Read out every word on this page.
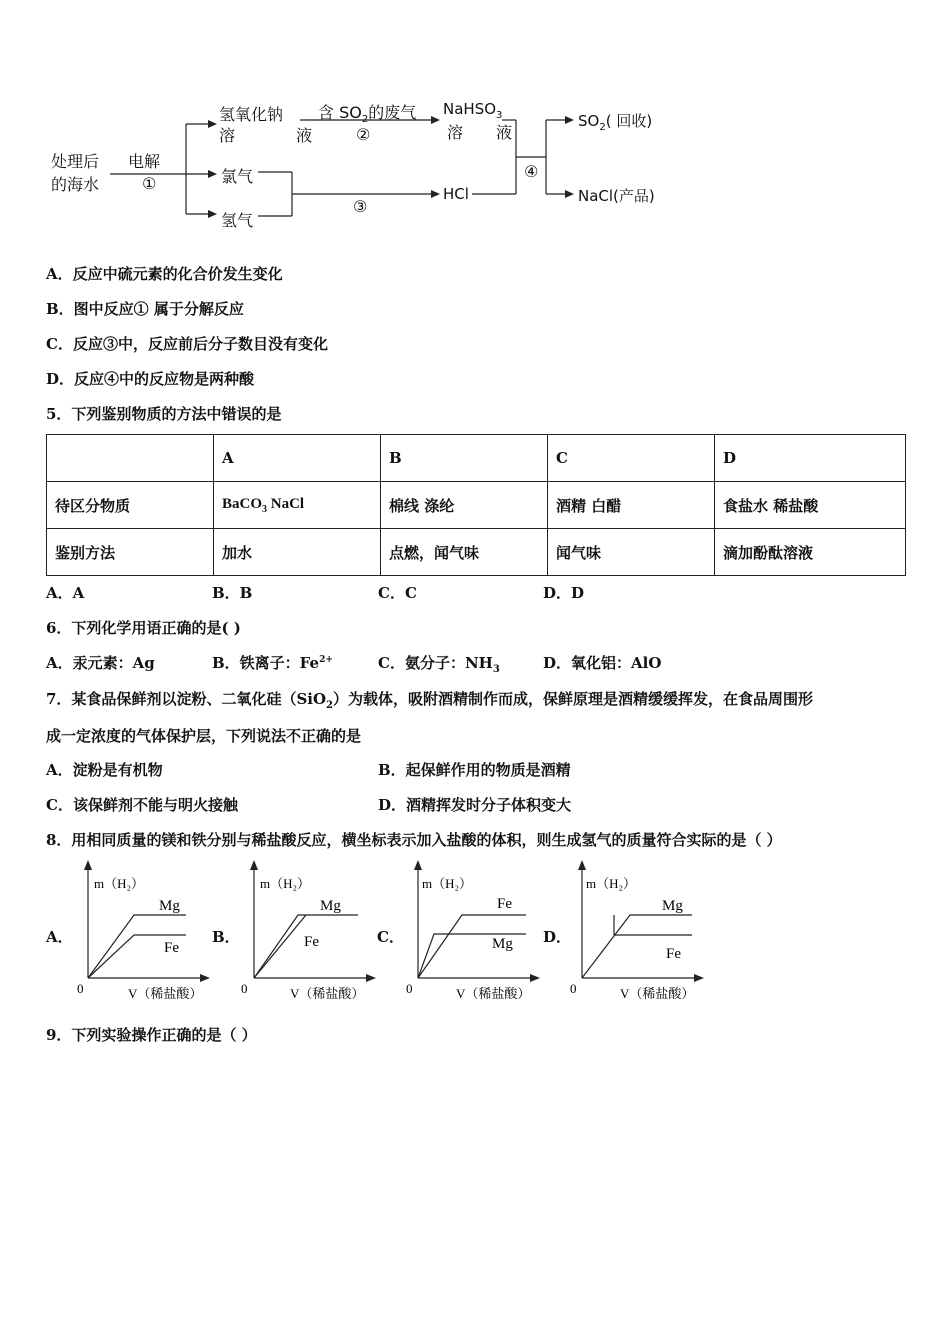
处理后
的海水
电解
①
氢氧化钠
溶 液
氯气
氢气
含 $SO_2$的废气
②
NaHSO$_3$
溶 液
③
HCl
④
$SO_2$( 回收)
NaCl(产品)
A．反应中硫元素的化合价发生变化
B．图中反应① 属于分解反应
C．反应③中，反应前后分子数目没有变化
D．反应④中的反应物是两种酸
5．下列鉴别物质的方法中错误的是
	A	B	C	D
待区分物质	BaCO$_3$ NaCl	棉线 涤纶	酒精 白醋	食盐水 稀盐酸
鉴别方法	加水	点燃，闻气味	闻气味	滴加酚酞溶液
A．A	B．B	C．C	D．D
6．下列化学用语正确的是( )
A．汞元素：Ag	B．铁离子：$Fe^{2+}$	C．氨分子：$NH_3$	D．氧化铝：AlO
7．某食品保鲜剂以淀粉、二氧化硅（SiO$_2$）为载体，吸附酒精制作而成，保鲜原理是酒精缓缓挥发，在食品周围形
成一定浓度的气体保护层，下列说法不正确的是
A．淀粉是有机物	B．起保鲜作用的物质是酒精
C．该保鲜剂不能与明火接触	D．酒精挥发时分子体积变大
8．用相同质量的镁和铁分别与稀盐酸反应，横坐标表示加入盐酸的体积，则生成氢气的质量符合实际的是（ ）
A．	B．	C．	D．
m（H₂）
Mg
Fe
0	V（稀盐酸）
m（H₂）
Mg
Fe
0	V（稀盐酸）
m（H₂）
Fe
Mg
0	V（稀盐酸）
m（H₂）
Mg
Fe
0	V（稀盐酸）
9．下列实验操作正确的是（ ）
